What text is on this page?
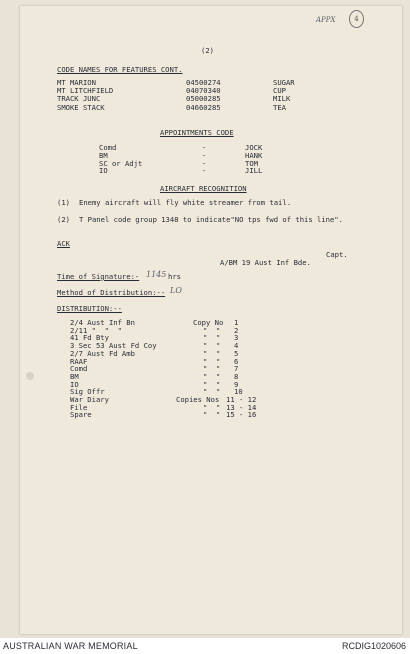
APPX	4
(2)
CODE NAMES FOR FEATURES CONT.
MT MARION	04500274	SUGAR
MT LITCHFIELD	04070340	CUP
TRACK JUNC	05000285	MILK
SMOKE STACK	04660285	TEA
APPOINTMENTS CODE
Comd	-	JOCK
BM	-	HANK
SC or Adjt	-	TOM
IO	-	JILL
AIRCRAFT RECOGNITION
(1) Enemy aircraft will fly white streamer from tail.
(2) T Panel code group 1348 to indicate"NO tps fwd of this line".
ACK
Capt.
A/BM 19 Aust Inf Bde.
Time of Signature:- 1145 hrs
Method of Distribution:-- LO
DISTRIBUTION:--
2/4 Aust Inf Bn	Copy No 1
2/11 "  "  "	"  " 2
41 Fd Bty	"  " 3
3 Sec 53 Aust Fd Coy	"  " 4
2/7 Aust Fd Amb	"  " 5
RAAF	"  " 6
Comd	"  " 7
BM	"  " 8
IO	"  " 9
Sig Offr	"  " 10
War Diary	Copies Nos 11 - 12
File	"  " 13 - 14
Spare	"  " 15 - 16
AUSTRALIAN WAR MEMORIAL	RCDIG1020606
